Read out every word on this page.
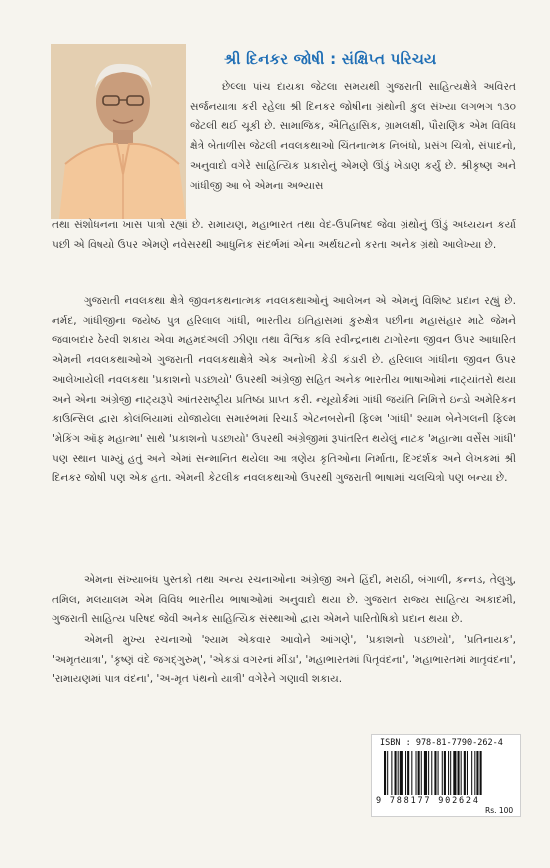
શ્રી દિનકર જોષી : સંક્ષિપ્ત પરિચય

છેલ્લા પાંચ દાયકા જેટલા સમયથી ગુજરાતી સાહિત્યક્ષેત્રે અવિરત સર્જનયાત્રા કરી રહેલા શ્રી દિનકર જોષીના ગ્રંથોની કુલ સંખ્યા લગભગ ૧૩૦ જેટલી થઈ ચૂકી છે. સામાજિક, ઐતિહાસિક, ગ્રામલક્ષી, પૌરાણિક એમ વિવિધ ક્ષેત્રે બેતાળીસ જેટલી નવલકથાઓ ચિંતનાત્મક નિબંધો, પ્રસંગ ચિત્રો, સંપાદનો, અનુવાદો વગેરે સાહિત્યિક પ્રકારોનું એમણે ઊંડું ખેડાણ કર્યું છે. શ્રીકૃષ્ણ અને ગાંધીજી આ બે એમના અભ્યાસ

તથા સંશોધનના ખાસ પાત્રો રહ્યાં છે. રામાયણ, મહાભારત તથા વેદ-ઉપનિષદ જેવા ગ્રંથોનું ઊંડું અધ્યયન કર્યા પછી એ વિષયો ઉપર એમણે નવેસરથી આધુનિક સંદર્ભમાં એના અર્થઘટનો કરતા અનેક ગ્રંથો આલેખ્યા છે.

ગુજરાતી નવલકથા ક્ષેત્રે જીવનકથનાત્મક નવલકથાઓનું આલેખન એ એમનું વિશિષ્ટ પ્રદાન રહ્યું છે. નર્મદ, ગાંધીજીના જયેષ્ઠ પુત્ર હરિલાલ ગાંધી, ભારતીય ઇતિહાસમાં કુરુક્ષેત્ર પછીના મહાસંહાર માટે જેમને જવાબદાર ઠેરવી શકાય એવા મહમદઅલી ઝીણા તથા વૈશ્વિક કવિ રવીન્દ્રનાથ ટાગોરના જીવન ઉપર આધારિત એમની નવલકથાઓએ ગુજરાતી નવલકથાક્ષેત્રે એક અનોખી કેડી કંડારી છે. હરિલાલ ગાંધીના જીવન ઉપર આલેખાયેલી નવલકથા 'પ્રકાશનો પડછાયો' ઉપરથી અંગ્રેજી સહિત અનેક ભારતીય ભાષાઓમાં નાટ્યાંતરો થયા અને એના અંગ્રેજી નાટ્યરૂપે આંતરરાષ્ટ્રીય પ્રતિષ્ઠા પ્રાપ્ત કરી. ન્યૂયોર્કમાં ગાંધી જયંતિ નિમિત્તે ઇન્ડો અમેરિકન કાઉન્સિલ દ્વારા કોલંબિયામાં યોજાયેલા સમારંભમાં રિચાર્ડ એટનબરોની ફિલ્મ 'ગાંધી' શ્યામ બેનેગલની ફિલ્મ 'મેકિંગ ઑફ મહાત્મા' સાથે 'પ્રકાશનો પડછાયો' ઉપરથી અંગ્રેજીમાં રૂપાંતરિત થયેલું નાટક 'મહાત્મા વર્સેસ ગાંધી' પણ સ્થાન પામ્યું હતું અને એમાં સન્માનિત થયેલા આ ત્રણેય કૃતિઓના નિર્માતા, દિગ્દર્શક અને લેખકમાં શ્રી દિનકર જોષી પણ એક હતા. એમની કેટલીક નવલકથાઓ ઉપરથી ગુજરાતી ભાષામાં ચલચિત્રો પણ બન્યા છે.

એમના સંખ્યાબંધ પુસ્તકો તથા અન્ય રચનાઓના અંગ્રેજી અને હિંદી, મરાઠી, બંગાળી, કન્નડ, તેલુગુ, તમિલ, મલયાલમ એમ વિવિધ ભારતીય ભાષાઓમાં અનુવાદો થયા છે. ગુજરાત રાજ્ય સાહિત્ય અકાદમી, ગુજરાતી સાહિત્ય પરિષદ જેવી અનેક સાહિત્યિક સંસ્થાઓ દ્વારા એમને પારિતોષિકો પ્રદાન થયા છે.

એમની મુખ્ય રચનાઓ 'શ્યામ એકવાર આવોને આંગણે', 'પ્રકાશનો પડછાયો', 'પ્રતિનાયક', 'અમૃતયાત્રા', 'કૃષ્ણં વંદે જગદ્ગુરુમ્', 'એકડાં વગરનાં મીંડા', 'મહાભારતમાં પિતૃવંદના', 'મહાભારતમાં માતૃવંદના', 'રામાયણમાં પાત્ર વંદના', 'અ-મૃત પંથનો યાત્રી' વગેરેને ગણાવી શકાય.

ISBN : 978-81-7790-262-4
9 788177 902624
Rs. 100
